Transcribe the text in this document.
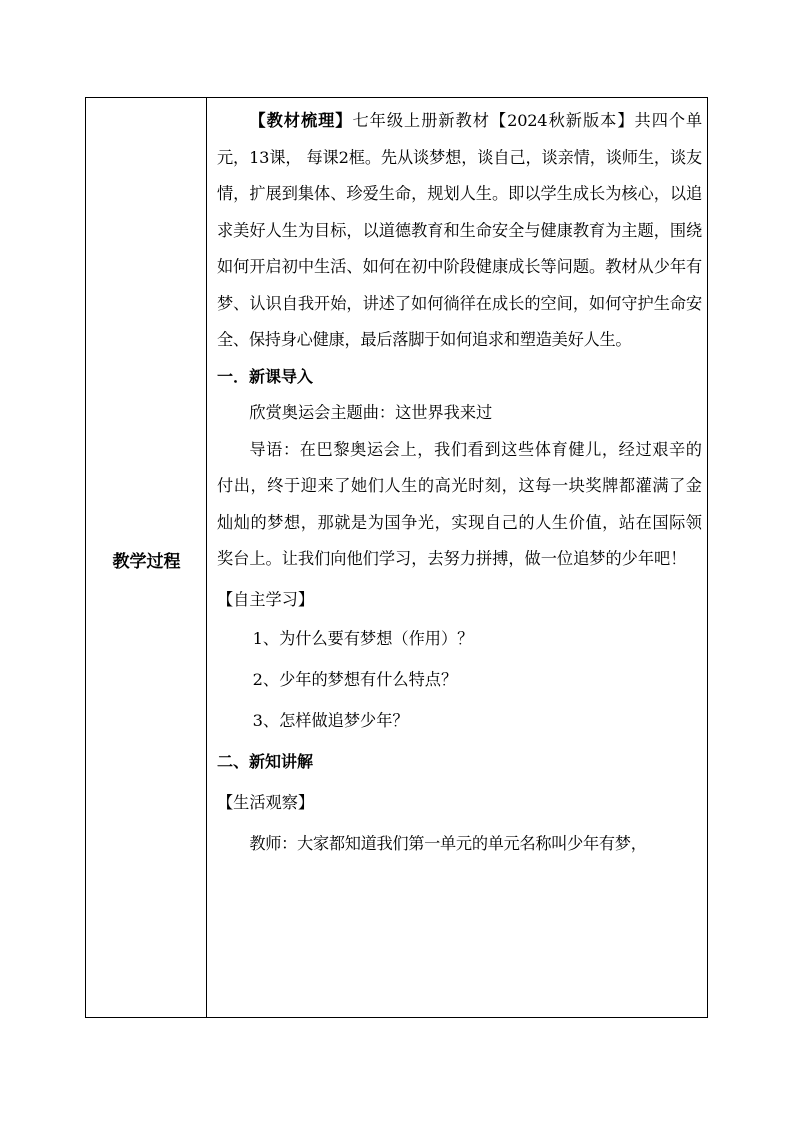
教学过程

【教材梳理】七年级上册新教材【2024秋新版本】共四个单元，13课， 每课2框。先从谈梦想，谈自己，谈亲情，谈师生，谈友情，扩展到集体、珍爱生命，规划人生。即以学生成长为核心，以追求美好人生为目标，以道德教育和生命安全与健康教育为主题，围绕如何开启初中生活、如何在初中阶段健康成长等问题。教材从少年有梦、认识自我开始，讲述了如何徜徉在成长的空间，如何守护生命安全、保持身心健康，最后落脚于如何追求和塑造美好人生。

一．新课导入

欣赏奥运会主题曲：这世界我来过

导语：在巴黎奥运会上，我们看到这些体育健儿，经过艰辛的付出，终于迎来了她们人生的高光时刻，这每一块奖牌都灌满了金灿灿的梦想，那就是为国争光，实现自己的人生价值，站在国际领奖台上。让我们向他们学习，去努力拼搏，做一位追梦的少年吧！

【自主学习】

1、为什么要有梦想（作用）？

2、少年的梦想有什么特点？

3、怎样做追梦少年？

二、新知讲解

【生活观察】

教师：大家都知道我们第一单元的单元名称叫少年有梦，
